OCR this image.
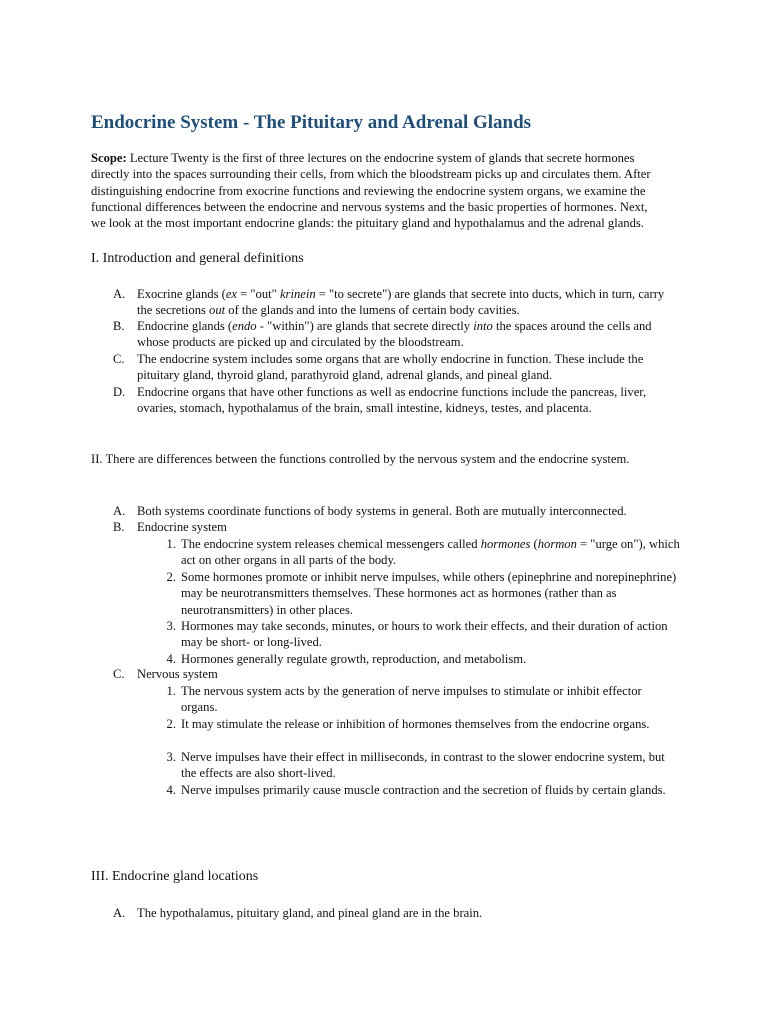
Endocrine System - The Pituitary and Adrenal Glands
Scope: Lecture Twenty is the first of three lectures on the endocrine system of glands that secrete hormones directly into the spaces surrounding their cells, from which the bloodstream picks up and circulates them. After distinguishing endocrine from exocrine functions and reviewing the endocrine system organs, we examine the functional differences between the endocrine and nervous systems and the basic properties of hormones. Next, we look at the most important endocrine glands: the pituitary gland and hypothalamus and the adrenal glands.
I. Introduction and general definitions
A. Exocrine glands (ex = "out" krinein = "to secrete") are glands that secrete into ducts, which in turn, carry the secretions out of the glands and into the lumens of certain body cavities.
B. Endocrine glands (endo - "within") are glands that secrete directly into the spaces around the cells and whose products are picked up and circulated by the bloodstream.
C. The endocrine system includes some organs that are wholly endocrine in function. These include the pituitary gland, thyroid gland, parathyroid gland, adrenal glands, and pineal gland.
D. Endocrine organs that have other functions as well as endocrine functions include the pancreas, liver, ovaries, stomach, hypothalamus of the brain, small intestine, kidneys, testes, and placenta.
II. There are differences between the functions controlled by the nervous system and the endocrine system.
A. Both systems coordinate functions of body systems in general. Both are mutually interconnected.
B. Endocrine system
1. The endocrine system releases chemical messengers called hormones (hormon = "urge on"), which act on other organs in all parts of the body.
2. Some hormones promote or inhibit nerve impulses, while others (epinephrine and norepinephrine) may be neurotransmitters themselves. These hormones act as hormones (rather than as neurotransmitters) in other places.
3. Hormones may take seconds, minutes, or hours to work their effects, and their duration of action may be short- or long-lived.
4. Hormones generally regulate growth, reproduction, and metabolism.
C. Nervous system
1. The nervous system acts by the generation of nerve impulses to stimulate or inhibit effector organs.
2. It may stimulate the release or inhibition of hormones themselves from the endocrine organs.
3. Nerve impulses have their effect in milliseconds, in contrast to the slower endocrine system, but the effects are also short-lived.
4. Nerve impulses primarily cause muscle contraction and the secretion of fluids by certain glands.
III. Endocrine gland locations
A. The hypothalamus, pituitary gland, and pineal gland are in the brain.
